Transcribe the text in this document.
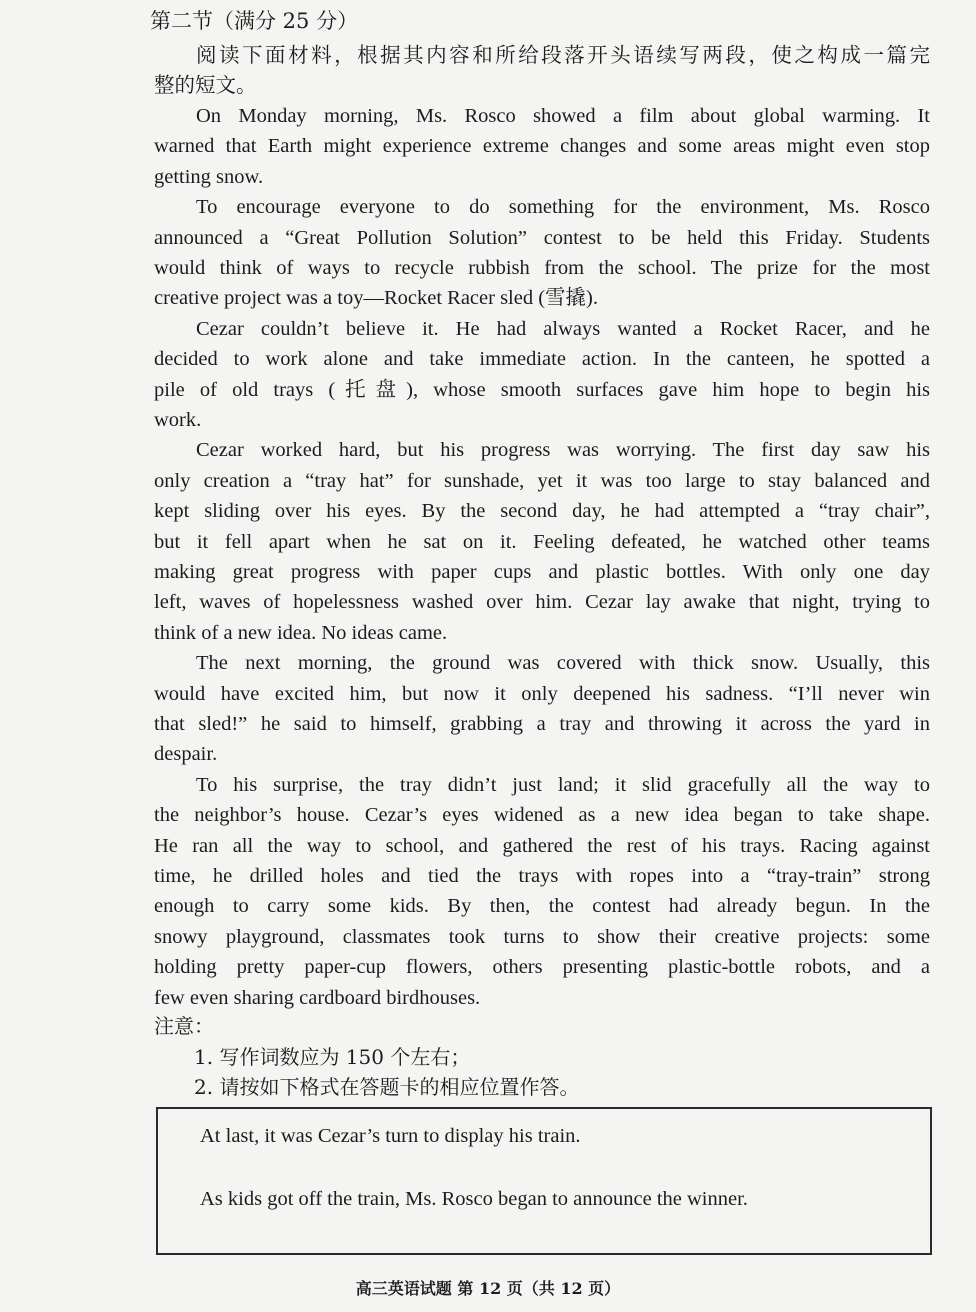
第二节（满分 25 分）
阅读下面材料，根据其内容和所给段落开头语续写两段，使之构成一篇完
整的短文。
On Monday morning, Ms. Rosco showed a film about global warming. It
warned that Earth might experience extreme changes and some areas might even stop
getting snow.
To encourage everyone to do something for the environment, Ms. Rosco
announced a “Great Pollution Solution” contest to be held this Friday. Students
would think of ways to recycle rubbish from the school. The prize for the most
creative project was a toy—Rocket Racer sled (雪撬).
Cezar couldn’t believe it. He had always wanted a Rocket Racer, and he
decided to work alone and take immediate action. In the canteen, he spotted a
pile of old trays (托盘), whose smooth surfaces gave him hope to begin his
work.
Cezar worked hard, but his progress was worrying. The first day saw his
only creation a “tray hat” for sunshade, yet it was too large to stay balanced and
kept sliding over his eyes. By the second day, he had attempted a “tray chair”,
but it fell apart when he sat on it. Feeling defeated, he watched other teams
making great progress with paper cups and plastic bottles. With only one day
left, waves of hopelessness washed over him. Cezar lay awake that night, trying to
think of a new idea. No ideas came.
The next morning, the ground was covered with thick snow. Usually, this
would have excited him, but now it only deepened his sadness. “I’ll never win
that sled!” he said to himself, grabbing a tray and throwing it across the yard in
despair.
To his surprise, the tray didn’t just land; it slid gracefully all the way to
the neighbor’s house. Cezar’s eyes widened as a new idea began to take shape.
He ran all the way to school, and gathered the rest of his trays. Racing against
time, he drilled holes and tied the trays with ropes into a “tray-train” strong
enough to carry some kids. By then, the contest had already begun. In the
snowy playground, classmates took turns to show their creative projects: some
holding pretty paper-cup flowers, others presenting plastic-bottle robots, and a
few even sharing cardboard birdhouses.
注意：
1. 写作词数应为 150 个左右；
2. 请按如下格式在答题卡的相应位置作答。
At last, it was Cezar’s turn to display his train.
As kids got off the train, Ms. Rosco began to announce the winner.
高三英语试题 第 12 页（共 12 页）
